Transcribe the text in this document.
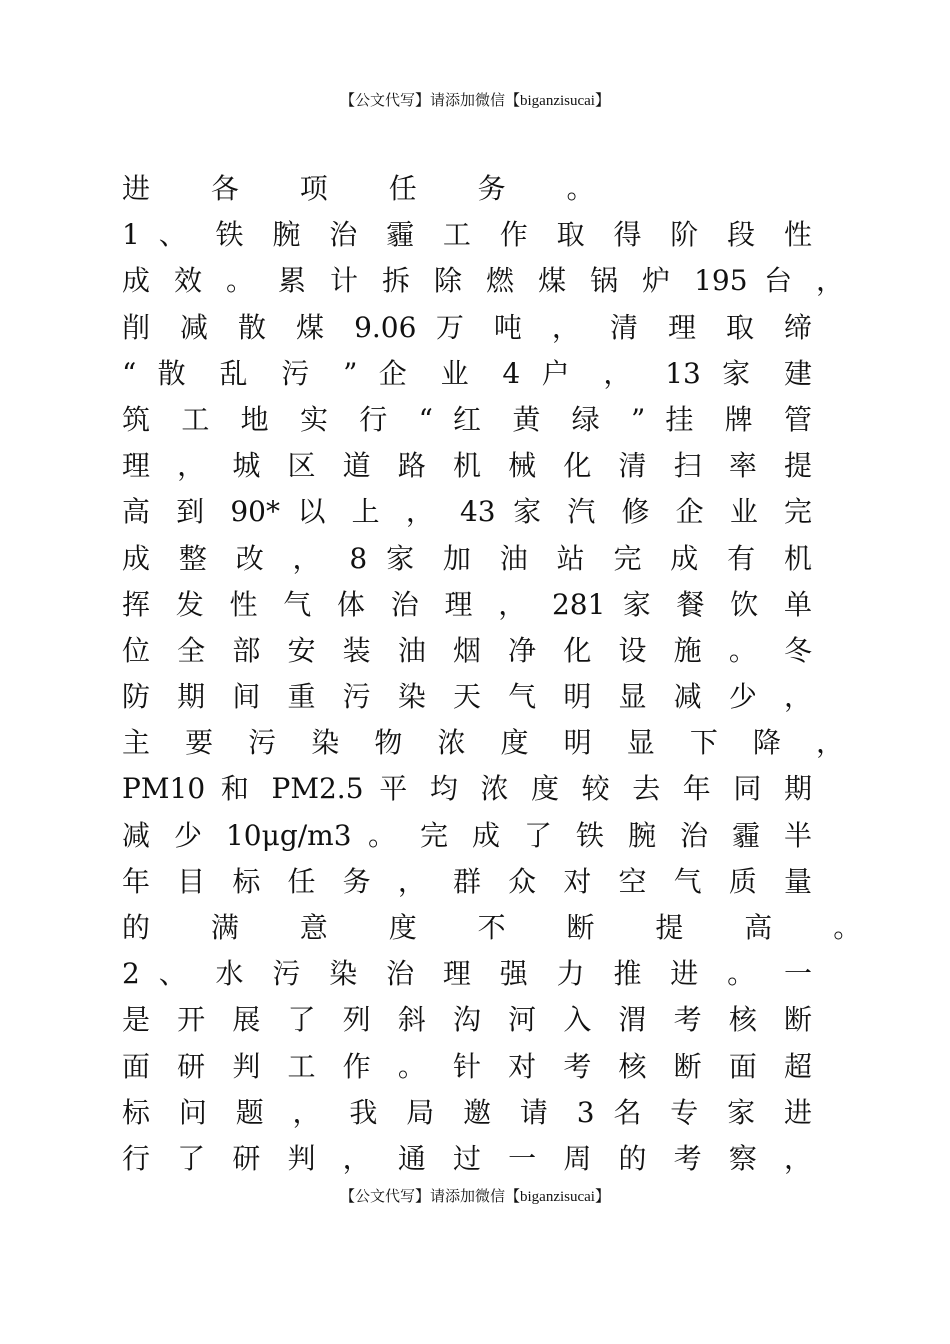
【公文代写】请添加微信【biganzisucai】
进 各 项 任 务 。
1 、 铁 腕 治 霾 工 作 取 得 阶 段 性
成 效 。 累 计 拆 除 燃 煤 锅 炉 195 台 ，
削 减 散 煤 9.06 万 吨 ， 清 理 取 缔
“ 散 乱 污 ” 企 业 4 户 ， 13 家 建
筑 工 地 实 行 “ 红 黄 绿 ” 挂 牌 管
理 ， 城 区 道 路 机 械 化 清 扫 率 提
高 到 90* 以 上 ， 43 家 汽 修 企 业 完
成 整 改 ， 8 家 加 油 站 完 成 有 机
挥 发 性 气 体 治 理 ， 281 家 餐 饮 单
位 全 部 安 装 油 烟 净 化 设 施 。 冬
防 期 间 重 污 染 天 气 明 显 减 少 ，
主 要 污 染 物 浓 度 明 显 下 降 ，
PM10 和 PM2.5 平 均 浓 度 较 去 年 同 期
减 少 10μg/m3 。 完 成 了 铁 腕 治 霾 半
年 目 标 任 务 ， 群 众 对 空 气 质 量
的 满 意 度 不 断 提 高 。
2 、 水 污 染 治 理 强 力 推 进 。 一
是 开 展 了 列 斜 沟 河 入 渭 考 核 断
面 研 判 工 作 。 针 对 考 核 断 面 超
标 问 题 ， 我 局 邀 请 3 名 专 家 进
行 了 研 判 ， 通 过 一 周 的 考 察 ，
【公文代写】请添加微信【biganzisucai】
